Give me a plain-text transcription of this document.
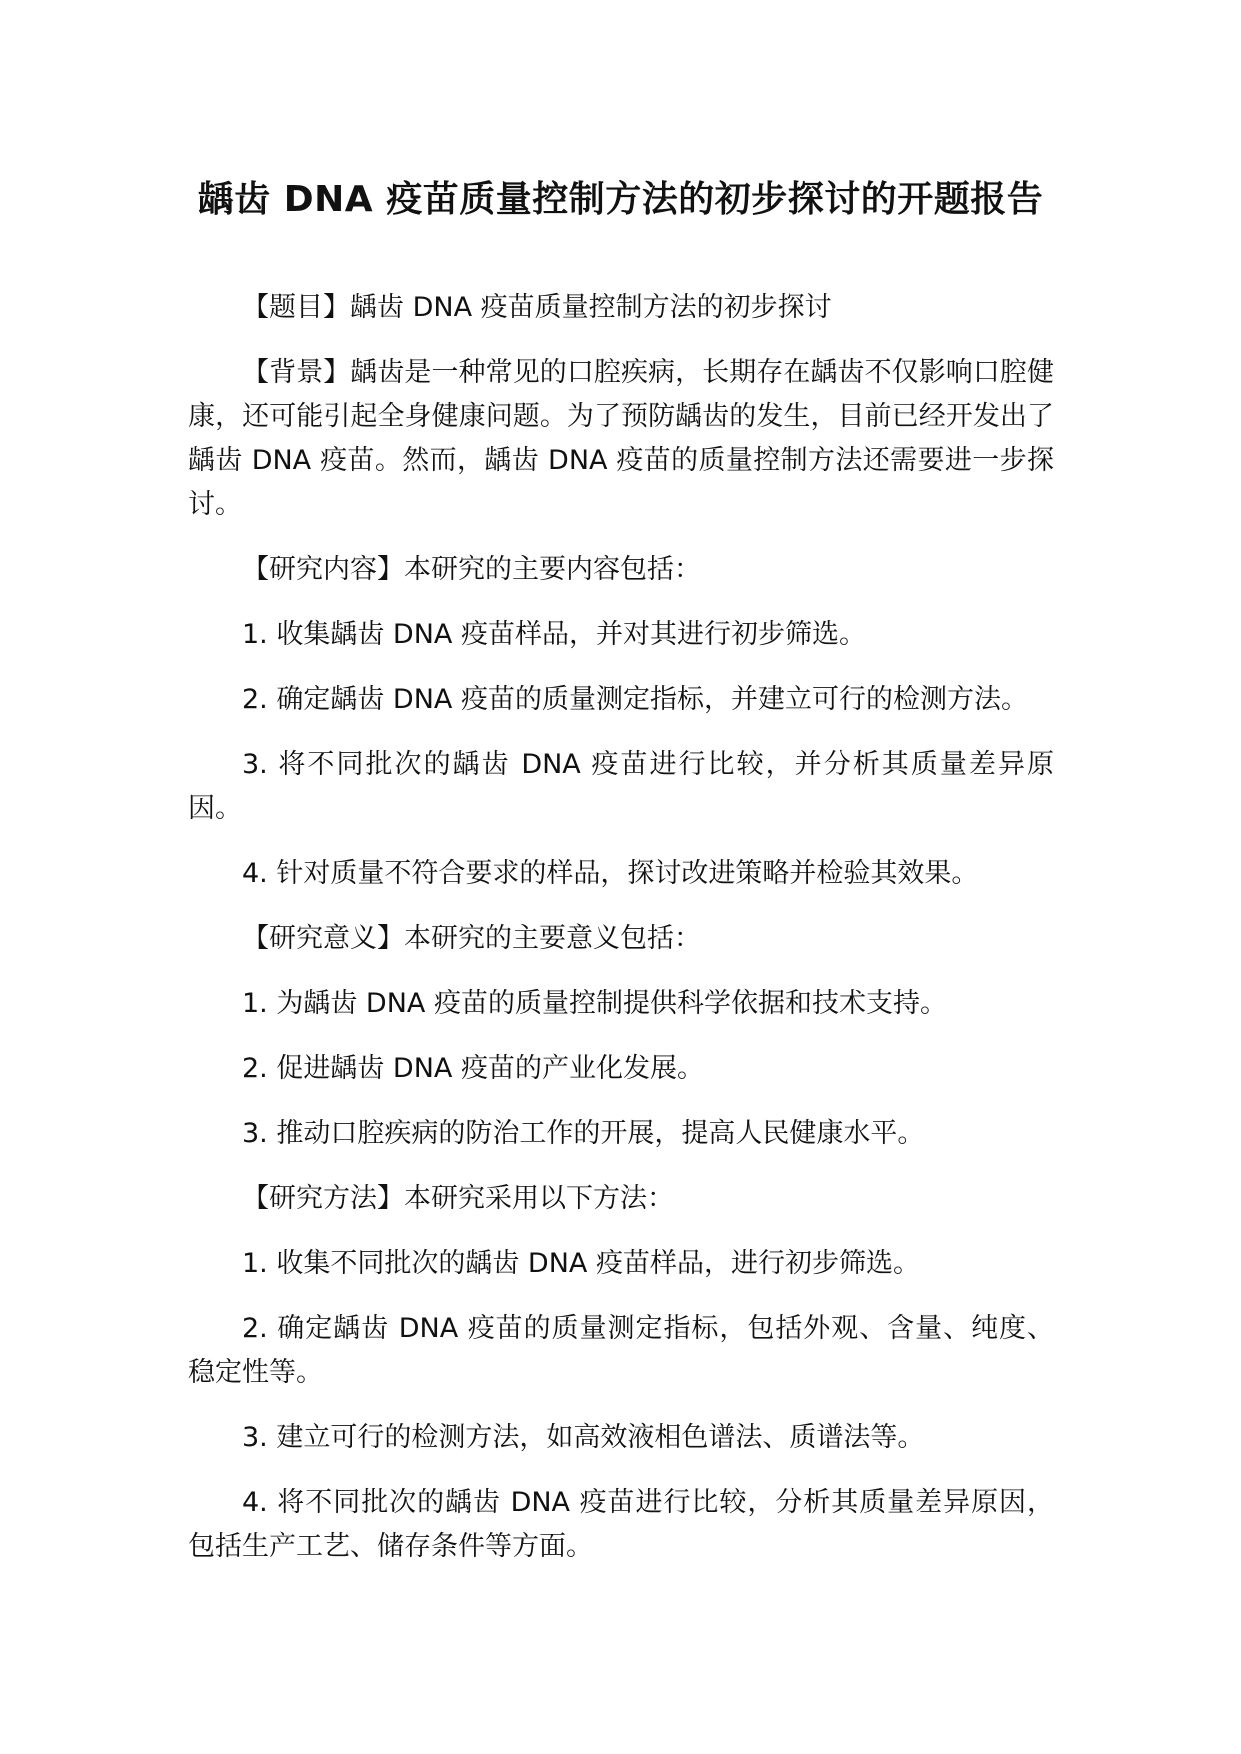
龋齿 DNA 疫苗质量控制方法的初步探讨的开题报告

【题目】龋齿 DNA 疫苗质量控制方法的初步探讨

【背景】龋齿是一种常见的口腔疾病，长期存在龋齿不仅影响口腔健康，还可能引起全身健康问题。为了预防龋齿的发生，目前已经开发出了龋齿 DNA 疫苗。然而，龋齿 DNA 疫苗的质量控制方法还需要进一步探讨。

【研究内容】本研究的主要内容包括：

1. 收集龋齿 DNA 疫苗样品，并对其进行初步筛选。

2. 确定龋齿 DNA 疫苗的质量测定指标，并建立可行的检测方法。

3. 将不同批次的龋齿 DNA 疫苗进行比较，并分析其质量差异原因。

4. 针对质量不符合要求的样品，探讨改进策略并检验其效果。

【研究意义】本研究的主要意义包括：

1. 为龋齿 DNA 疫苗的质量控制提供科学依据和技术支持。

2. 促进龋齿 DNA 疫苗的产业化发展。

3. 推动口腔疾病的防治工作的开展，提高人民健康水平。

【研究方法】本研究采用以下方法：

1. 收集不同批次的龋齿 DNA 疫苗样品，进行初步筛选。

2. 确定龋齿 DNA 疫苗的质量测定指标，包括外观、含量、纯度、稳定性等。

3. 建立可行的检测方法，如高效液相色谱法、质谱法等。

4. 将不同批次的龋齿 DNA 疫苗进行比较，分析其质量差异原因，包括生产工艺、储存条件等方面。
